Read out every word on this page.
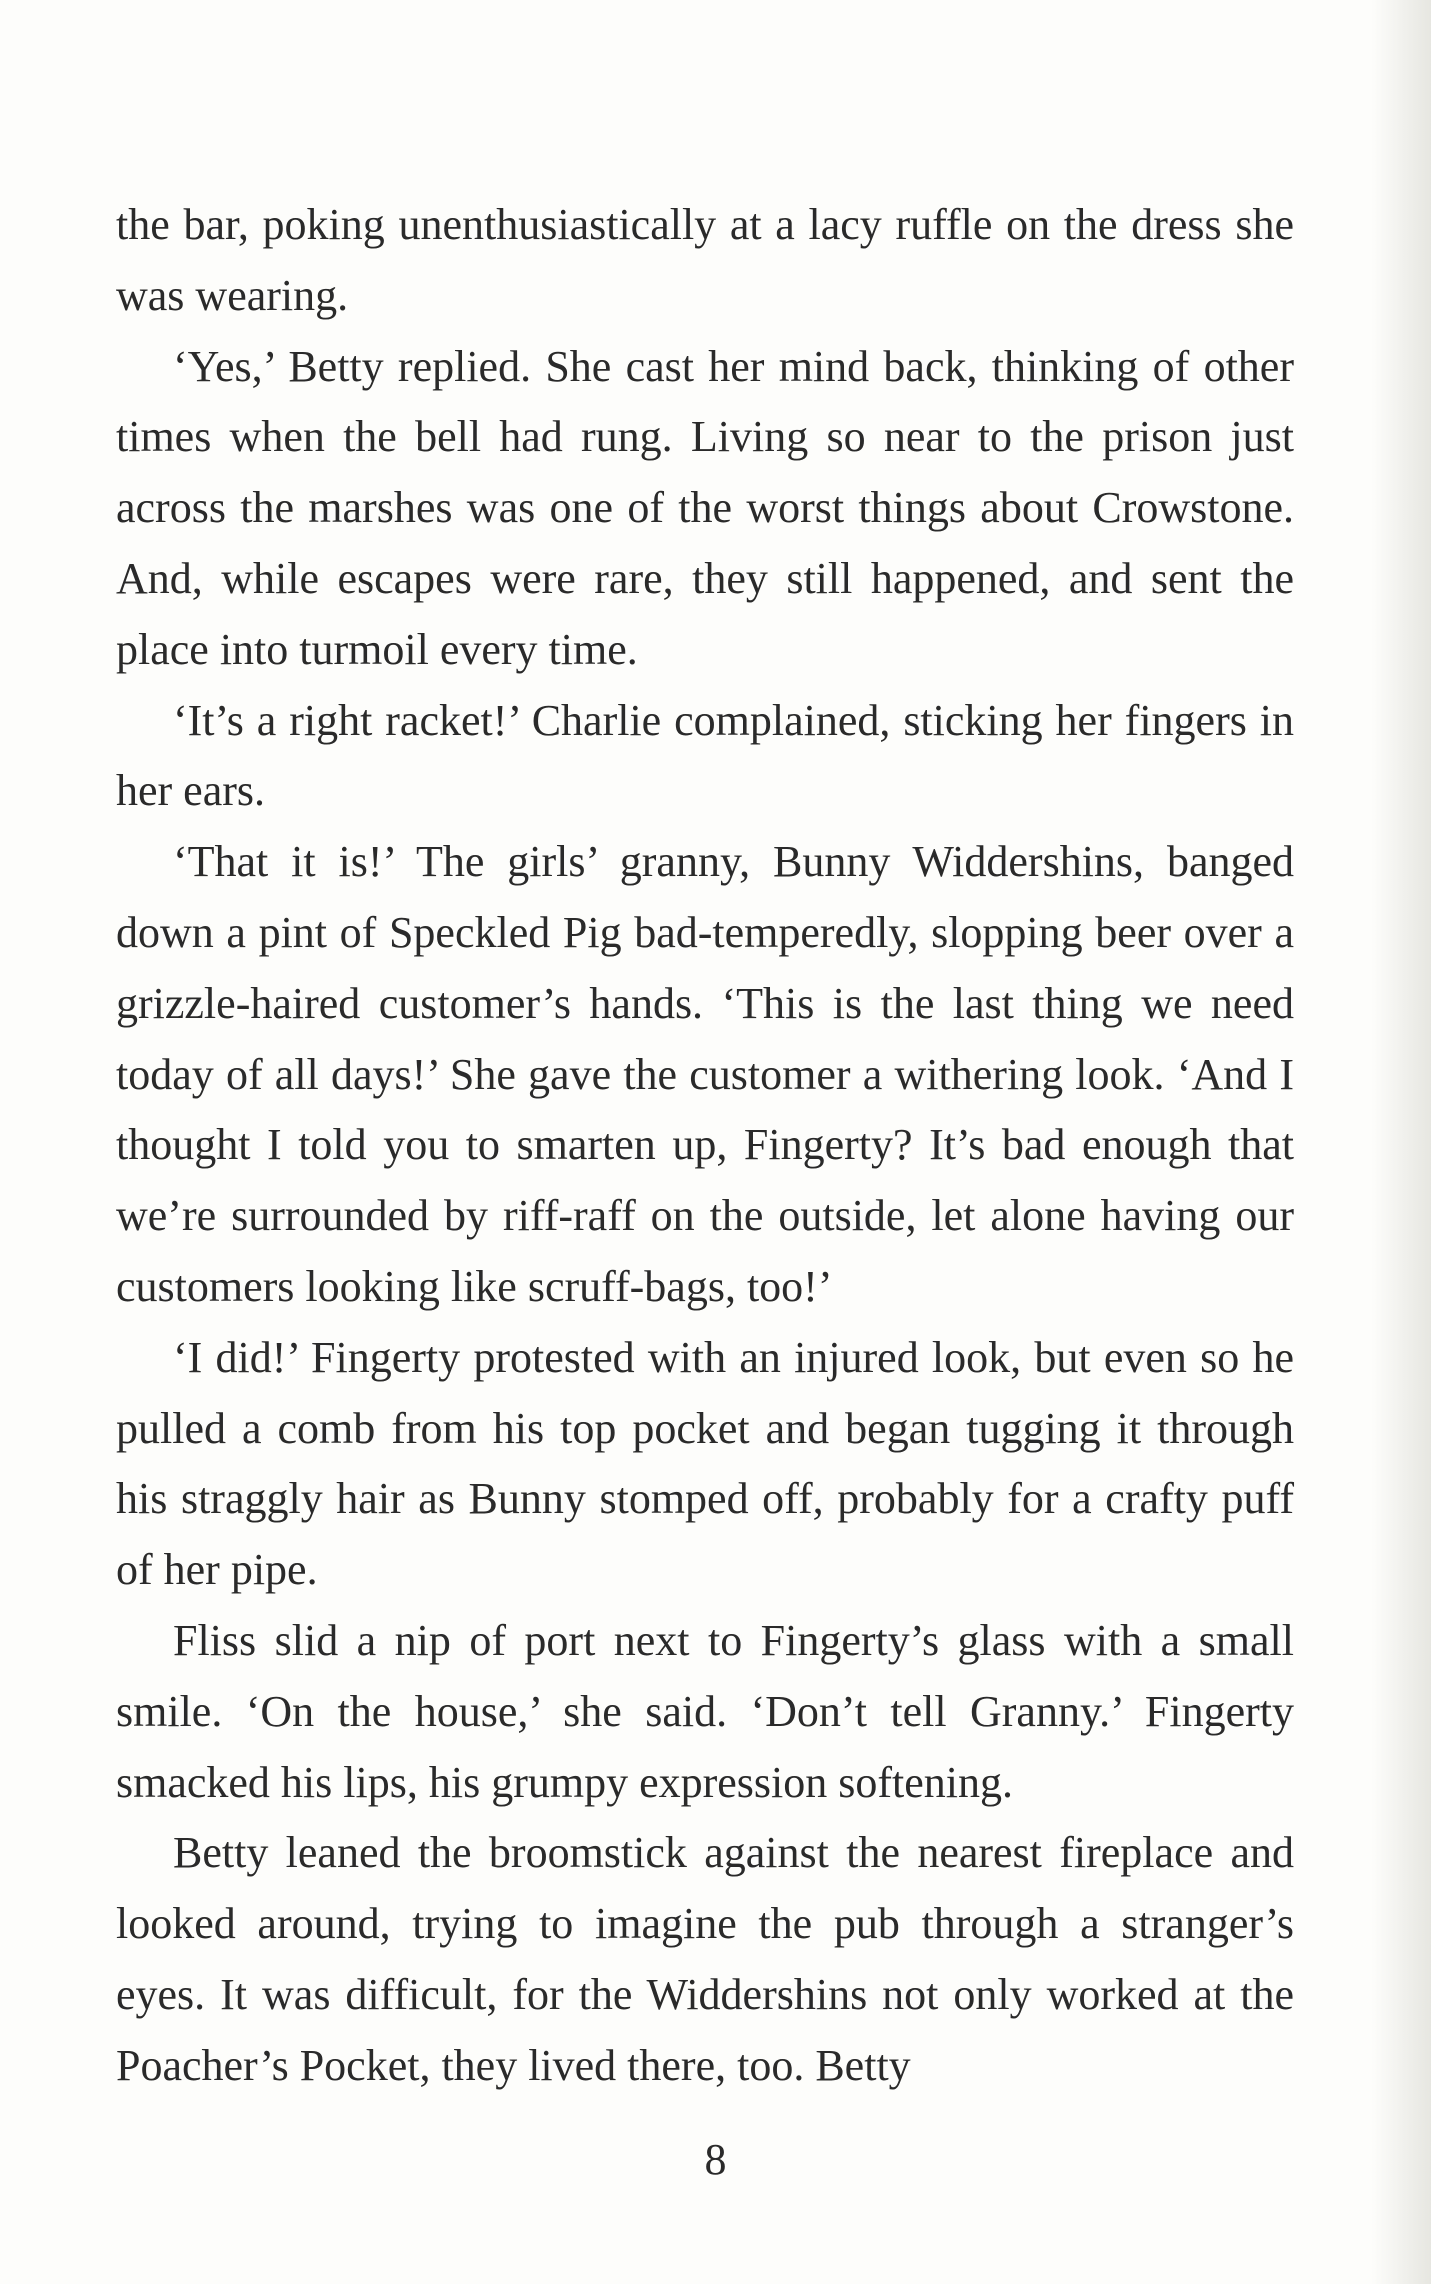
the bar, poking unenthusiastically at a lacy ruffle on the dress she was wearing.

‘Yes,’ Betty replied. She cast her mind back, thinking of other times when the bell had rung. Living so near to the prison just across the marshes was one of the worst things about Crowstone. And, while escapes were rare, they still happened, and sent the place into turmoil every time.

‘It’s a right racket!’ Charlie complained, sticking her fingers in her ears.

‘That it is!’ The girls’ granny, Bunny Widdershins, banged down a pint of Speckled Pig bad-temperedly, slopping beer over a grizzle-haired customer’s hands. ‘This is the last thing we need today of all days!’ She gave the customer a withering look. ‘And I thought I told you to smarten up, Fingerty? It’s bad enough that we’re surrounded by riff-raff on the outside, let alone having our customers looking like scruff-bags, too!’

‘I did!’ Fingerty protested with an injured look, but even so he pulled a comb from his top pocket and began tugging it through his straggly hair as Bunny stomped off, probably for a crafty puff of her pipe.

Fliss slid a nip of port next to Fingerty’s glass with a small smile. ‘On the house,’ she said. ‘Don’t tell Granny.’ Fingerty smacked his lips, his grumpy expression softening.

Betty leaned the broomstick against the nearest fireplace and looked around, trying to imagine the pub through a stranger’s eyes. It was difficult, for the Widdershins not only worked at the Poacher’s Pocket, they lived there, too. Betty

8
